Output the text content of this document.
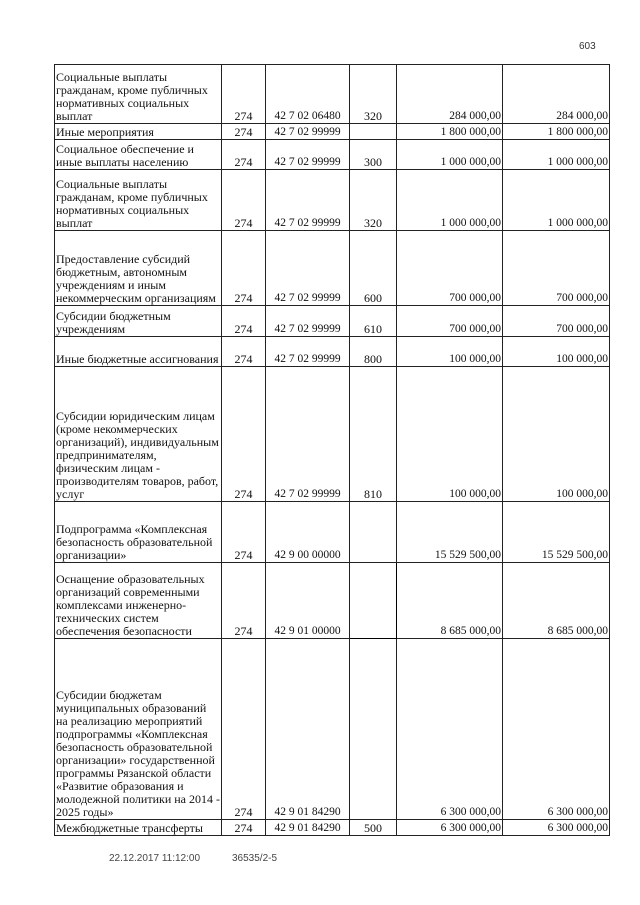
603
Социальные выплаты гражданам, кроме публичных нормативных социальных выплат	274	42 7 02 06480	320	284 000,00	284 000,00
Иные мероприятия	274	42 7 02 99999		1 800 000,00	1 800 000,00
Социальное обеспечение и иные выплаты населению	274	42 7 02 99999	300	1 000 000,00	1 000 000,00
Социальные выплаты гражданам, кроме публичных нормативных социальных выплат	274	42 7 02 99999	320	1 000 000,00	1 000 000,00
Предоставление субсидий бюджетным, автономным учреждениям и иным некоммерческим организациям	274	42 7 02 99999	600	700 000,00	700 000,00
Субсидии бюджетным учреждениям	274	42 7 02 99999	610	700 000,00	700 000,00
Иные бюджетные ассигнования	274	42 7 02 99999	800	100 000,00	100 000,00
Субсидии юридическим лицам (кроме некоммерческих организаций), индивидуальным предпринимателям, физическим лицам - производителям товаров, работ, услуг	274	42 7 02 99999	810	100 000,00	100 000,00
Подпрограмма «Комплексная безопасность образовательной организации»	274	42 9 00 00000		15 529 500,00	15 529 500,00
Оснащение образовательных организаций современными комплексами инженерно-технических систем обеспечения безопасности	274	42 9 01 00000		8 685 000,00	8 685 000,00
Субсидии бюджетам муниципальных образований на реализацию мероприятий подпрограммы «Комплексная безопасность образовательной организации» государственной программы Рязанской области «Развитие образования и молодежной политики на 2014 - 2025 годы»	274	42 9 01 84290		6 300 000,00	6 300 000,00
Межбюджетные трансферты	274	42 9 01 84290	500	6 300 000,00	6 300 000,00
22.12.2017 11:12:00	36535/2-5
